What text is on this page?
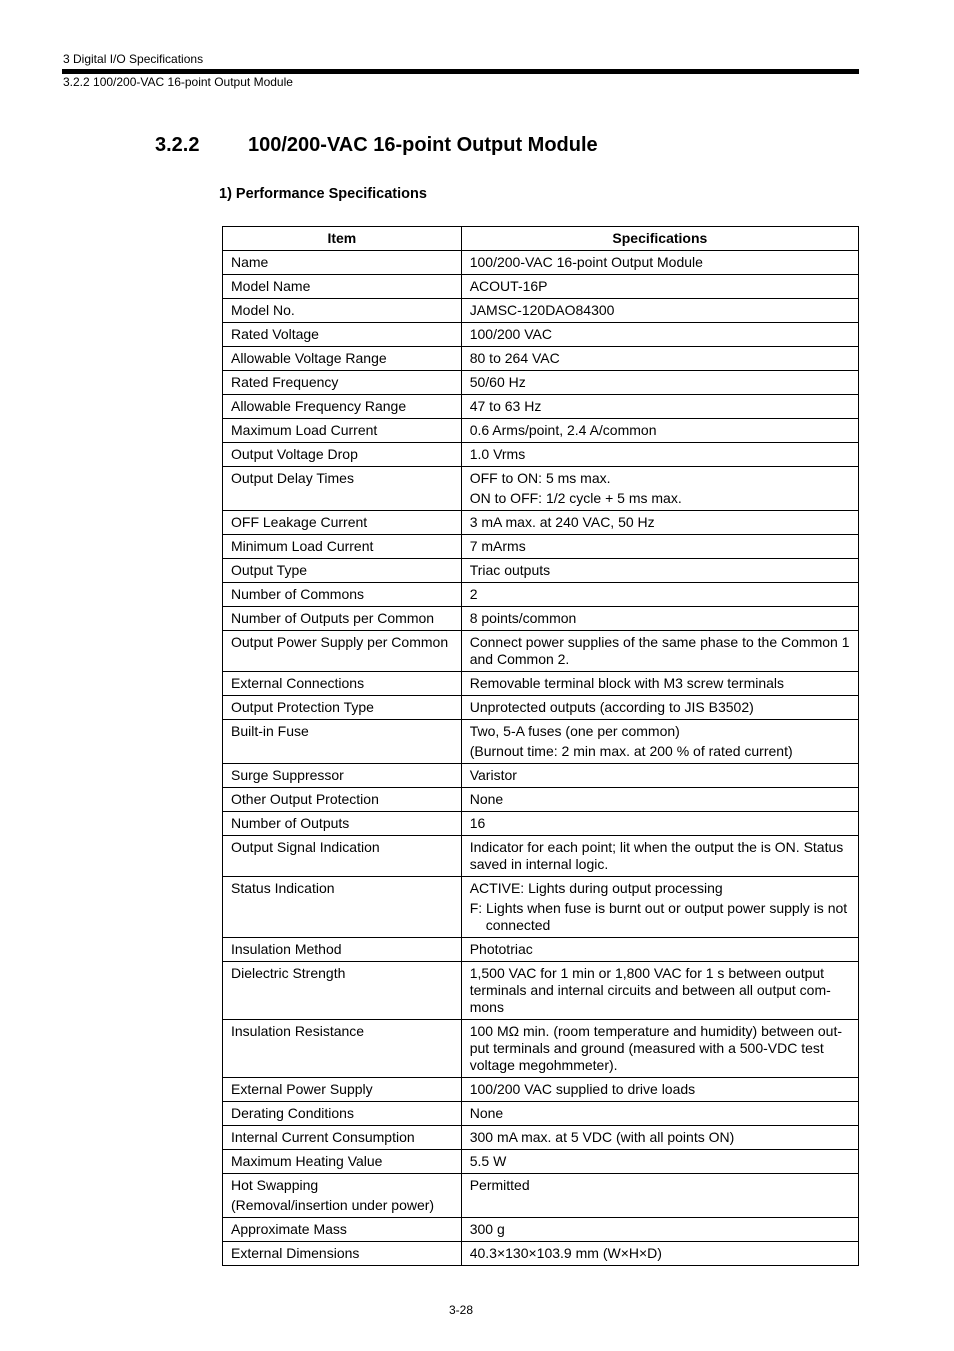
3 Digital I/O Specifications
3.2.2 100/200-VAC 16-point Output Module
3.2.2 100/200-VAC 16-point Output Module
1) Performance Specifications
Item	Specifications

Name	100/200-VAC 16-point Output Module

Model Name	ACOUT-16P

Model No.	JAMSC-120DAO84300

Rated Voltage	100/200 VAC

Allowable Voltage Range	80 to 264 VAC

Rated Frequency	50/60 Hz

Allowable Frequency Range	47 to 63 Hz

Maximum Load Current	0.6 Arms/point, 2.4 A/common

Output Voltage Drop	1.0 Vrms

Output Delay Times	OFF to ON: 5 ms max.
ON to OFF: 1/2 cycle + 5 ms max.

OFF Leakage Current	3 mA max. at 240 VAC, 50 Hz

Minimum Load Current	7 mArms

Output Type	Triac outputs

Number of Commons	2

Number of Outputs per Common	8 points/common

Output Power Supply per Common	Connect power supplies of the same phase to the Common 1 and Common 2.

External Connections	Removable terminal block with M3 screw terminals

Output Protection Type	Unprotected outputs (according to JIS B3502)

Built-in Fuse	Two, 5-A fuses (one per common)
(Burnout time: 2 min max. at 200 % of rated current)

Surge Suppressor	Varistor

Other Output Protection	None

Number of Outputs	16

Output Signal Indication	Indicator for each point; lit when the output the is ON. Status saved in internal logic.

Status Indication	ACTIVE: Lights during output processing
F: Lights when fuse is burnt out or output power supply is not connected

Insulation Method	Phototriac

Dielectric Strength	1,500 VAC for 1 min or 1,800 VAC for 1 s between output terminals and internal circuits and between all output com-mons

Insulation Resistance	100 MΩ min. (room temperature and humidity) between out-put terminals and ground (measured with a 500-VDC test voltage megohmmeter).

External Power Supply	100/200 VAC supplied to drive loads

Derating Conditions	None

Internal Current Consumption	300 mA max. at 5 VDC (with all points ON)

Maximum Heating Value	5.5 W

Hot Swapping
(Removal/insertion under power)	Permitted

Approximate Mass	300 g

External Dimensions	40.3×130×103.9 mm (W×H×D)
3-28
